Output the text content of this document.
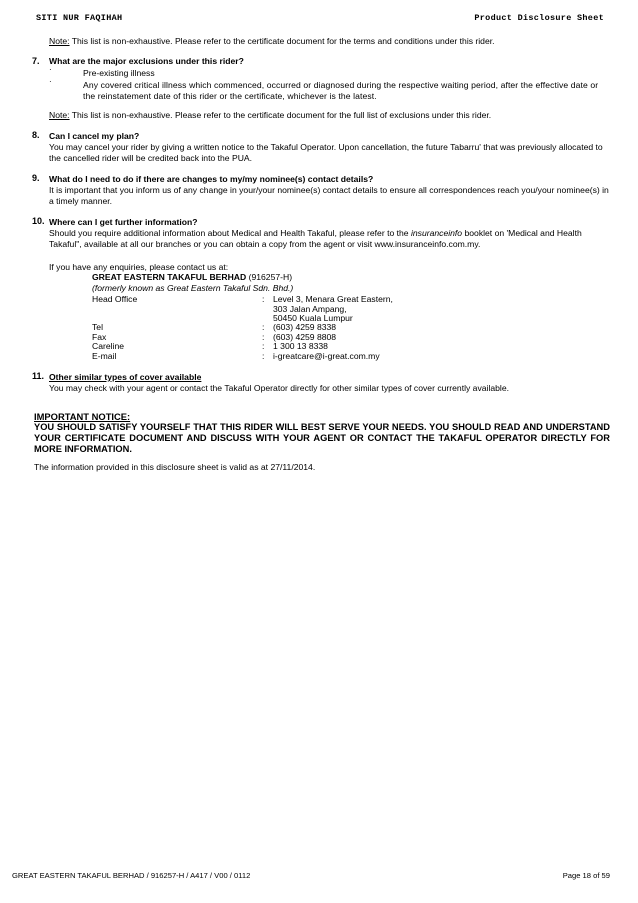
SITI NUR FAQIHAH	Product Disclosure Sheet
Note: This list is non-exhaustive. Please refer to the certificate document for the terms and conditions under this rider.
7. What are the major exclusions under this rider?
·	Pre-existing illness
·	Any covered critical illness which commenced, occurred or diagnosed during the respective waiting period, after the effective date or the reinstatement date of this rider or the certificate, whichever is the latest.
Note: This list is non-exhaustive. Please refer to the certificate document for the full list of exclusions under this rider.
8. Can I cancel my plan?
You may cancel your rider by giving a written notice to the Takaful Operator. Upon cancellation, the future Tabarru' that was previously allocated to the cancelled rider will be credited back into the PUA.
9. What do I need to do if there are changes to my/my nominee(s) contact details?
It is important that you inform us of any change in your/your nominee(s) contact details to ensure all correspondences reach you/your nominee(s) in a timely manner.
10. Where can I get further information?
Should you require additional information about Medical and Health Takaful, please refer to the insuranceinfo booklet on 'Medical and Health Takaful", available at all our branches or you can obtain a copy from the agent or visit www.insuranceinfo.com.my.
If you have any enquiries, please contact us at:
GREAT EASTERN TAKAFUL BERHAD (916257-H)
(formerly known as Great Eastern Takaful Sdn. Bhd.)
Head Office	: Level 3, Menara Great Eastern,
303 Jalan Ampang,
50450 Kuala Lumpur
Tel	: (603) 4259 8338
Fax	: (603) 4259 8808
Careline	: 1 300 13 8338
E-mail	: i-greatcare@i-great.com.my
11. Other similar types of cover available
You may check with your agent or contact the Takaful Operator directly for other similar types of cover currently available.
IMPORTANT NOTICE:
YOU SHOULD SATISFY YOURSELF THAT THIS RIDER WILL BEST SERVE YOUR NEEDS. YOU SHOULD READ AND UNDERSTAND YOUR CERTIFICATE DOCUMENT AND DISCUSS WITH YOUR AGENT OR CONTACT THE TAKAFUL OPERATOR DIRECTLY FOR MORE INFORMATION.
The information provided in this disclosure sheet is valid as at 27/11/2014.
GREAT EASTERN TAKAFUL BERHAD / 916257-H / A417 / V00 / 0112	Page 18 of 59
